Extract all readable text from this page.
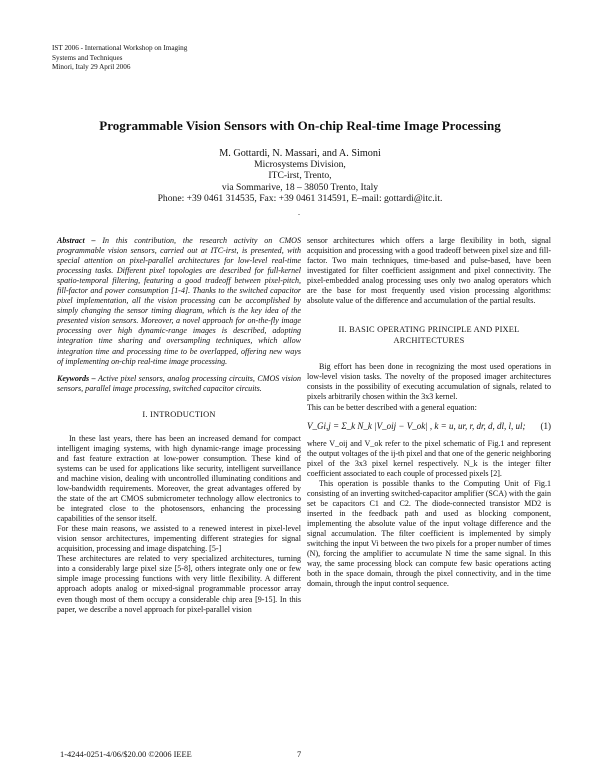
IST 2006 - International Workshop on Imaging
Systems and Techniques
Minori, Italy 29 April 2006
Programmable Vision Sensors with On-chip Real-time Image Processing
M. Gottardi, N. Massari, and A. Simoni
Microsystems Division,
ITC-irst, Trento,
via Sommarive, 18 – 38050 Trento, Italy
Phone: +39 0461 314535, Fax: +39 0461 314591, E–mail: gottardi@itc.it.
.

Abstract – In this contribution, the research activity on CMOS programmable vision sensors, carried out at ITC-irst, is presented, with special attention on pixel-parallel architectures for low-level real-time processing tasks. Different pixel topologies are described for full-kernel spatio-temporal filtering, featuring a good tradeoff between pixel-pitch, fill-factor and power consumption [1-4]. Thanks to the switched capacitor pixel implementation, all the vision processing can be accomplished by simply changing the sensor timing diagram, which is the key idea of the presented vision sensors. Moreover, a novel approach for on-the-fly image processing over high dynamic-range images is described, adopting integration time sharing and oversampling techniques, which allow integration time and processing time to be overlapped, offering new ways of implementing on-chip real-time image processing.

Keywords – Active pixel sensors, analog processing circuits, CMOS vision sensors, parallel image processing, switched capacitor circuits.

I. INTRODUCTION

In these last years, there has been an increased demand for compact intelligent imaging systems, with high dynamic-range image processing and fast feature extraction at low-power consumption. These kind of systems can be used for applications like security, intelligent surveillance and machine vision, dealing with uncontrolled illuminating conditions and low-bandwidth requirements. Moreover, the great advantages offered by the state of the art CMOS submicrometer technology allow electronics to be integrated close to the photosensors, enhancing the processing capabilities of the sensor itself.

For these main reasons, we assisted to a renewed interest in pixel-level vision sensor architectures, impementing different strategies for signal acquisition, processing and image dispatching. [5-]

These architectures are related to very specialized architectures, turning into a considerably large pixel size [5-8], others integrate only one or few simple image processing functions with very little flexibility. A different approach adopts analog or mixed-signal programmable processor array even though most of them occupy a considerable chip area [9-15]. In this paper, we describe a novel approach for pixel-parallel vision

sensor architectures which offers a large flexibility in both, signal acquisition and processing with a good tradeoff between pixel size and fill-factor. Two main techniques, time-based and pulse-based, have been investigated for filter coefficient assignment and pixel connectivity. The pixel-embedded analog processing uses only two analog operators which are the base for most frequently used vision processing algorithms: absolute value of the difference and accumulation of the partial results.

II. BASIC OPERATING PRINCIPLE AND PIXEL
ARCHITECTURES

Big effort has been done in recognizing the most used operations in low-level vision tasks. The novelty of the proposed imager architectures consists in the possibility of executing accumulation of signals, related to pixels arbitrarily chosen within the 3x3 kernel.

This can be better described with a general equation:

V_Gi,j = Σ_k N_k |V_oij − V_ok| , k = u, ur, r, dr, d, dl, l, ul; (1)

where V_oij and V_ok refer to the pixel schematic of Fig.1 and represent the output voltages of the ij-th pixel and that one of the generic neighboring pixel of the 3x3 pixel kernel respectively. N_k is the integer filter coefficient associated to each couple of processed pixels [2].

This operation is possible thanks to the Computing Unit of Fig.1 consisting of an inverting switched-capacitor amplifier (SCA) with the gain set be capacitors C1 and C2. The diode-connected transistor MD2 is inserted in the feedback path and used as blocking component, implementing the absolute value of the input voltage difference and the signal accumulation. The filter coefficient is implemented by simply switching the input Vi between the two pixels for a proper number of times (N), forcing the amplifier to accumulate N time the same signal. In this way, the same processing block can compute few basic operations acting both in the space domain, through the pixel connectivity, and in the time domain, through the input control sequence.

1-4244-0251-4/06/$20.00 ©2006 IEEE	7
